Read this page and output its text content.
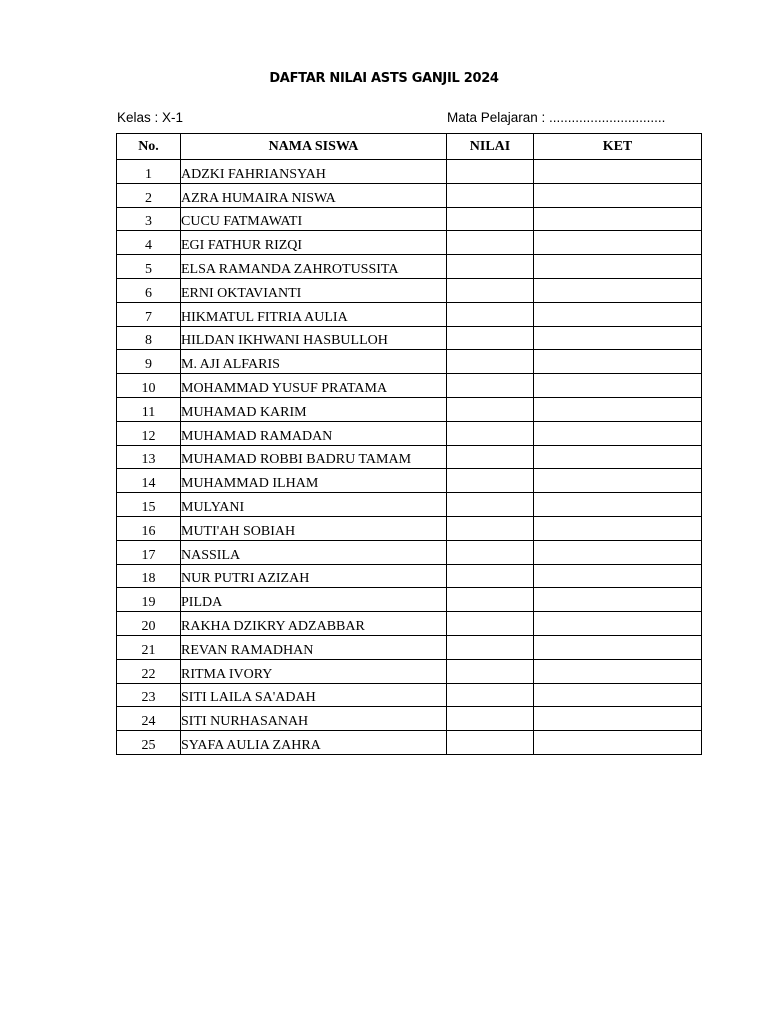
DAFTAR NILAI ASTS GANJIL 2024
Kelas : X-1	Mata Pelajaran : ...............................
No.	NAMA SISWA	NILAI	KET
1	ADZKI FAHRIANSYAH		
2	AZRA HUMAIRA NISWA		
3	CUCU FATMAWATI		
4	EGI FATHUR RIZQI		
5	ELSA RAMANDA ZAHROTUSSITA		
6	ERNI OKTAVIANTI		
7	HIKMATUL FITRIA AULIA		
8	HILDAN IKHWANI HASBULLOH		
9	M. AJI ALFARIS		
10	MOHAMMAD YUSUF PRATAMA		
11	MUHAMAD KARIM		
12	MUHAMAD RAMADAN		
13	MUHAMAD ROBBI BADRU TAMAM		
14	MUHAMMAD ILHAM		
15	MULYANI		
16	MUTI'AH SOBIAH		
17	NASSILA		
18	NUR PUTRI AZIZAH		
19	PILDA		
20	RAKHA DZIKRY ADZABBAR		
21	REVAN RAMADHAN		
22	RITMA IVORY		
23	SITI LAILA SA'ADAH		
24	SITI NURHASANAH		
25	SYAFA AULIA ZAHRA		
